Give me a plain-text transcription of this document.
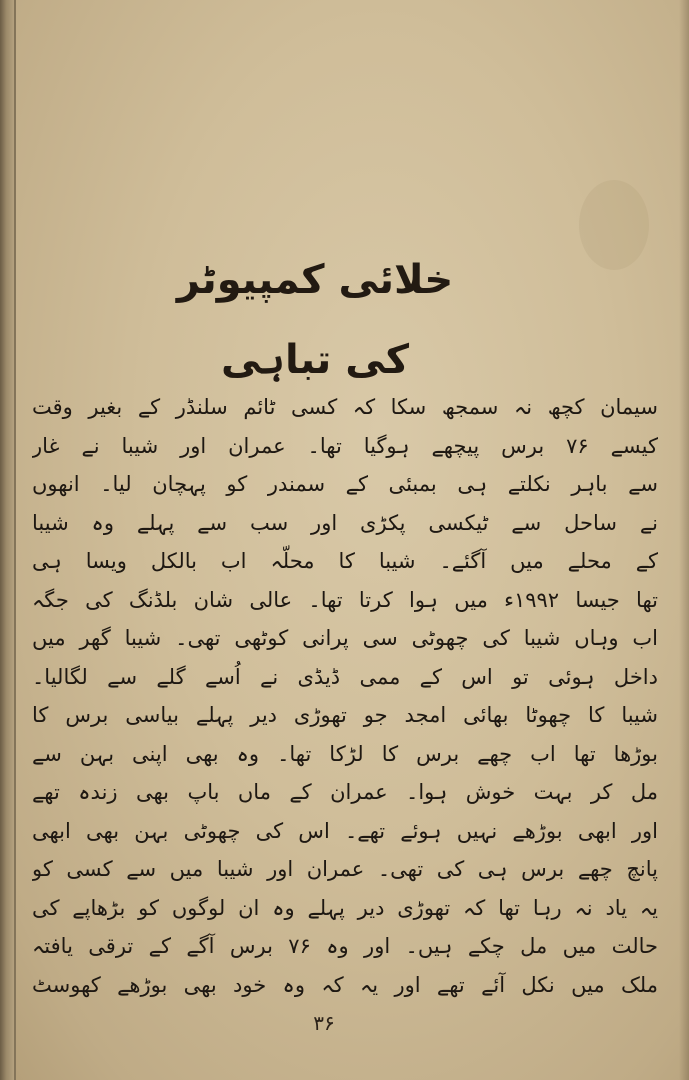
خلائی کمپیوٹر کی تباہی
سیمان کچھ نہ سمجھ سکا کہ کسی ٹائم سلنڈر کے بغیر وقت
کیسے ۷۶ برس پیچھے ہوگیا تھا۔ عمران اور شیبا نے غار
سے باہر نکلتے ہی بمبئی کے سمندر کو پہچان لیا۔ انھوں
نے ساحل سے ٹیکسی پکڑی اور سب سے پہلے وہ شیبا
کے محلے میں آگئے۔ شیبا کا محلّہ اب بالکل ویسا ہی
تھا جیسا ۱۹۹۲ء میں ہوا کرتا تھا۔ عالی شان بلڈنگ کی جگہ
اب وہاں شیبا کی چھوٹی سی پرانی کوٹھی تھی۔ شیبا گھر میں
داخل ہوئی تو اس کے ممی ڈیڈی نے اُسے گلے سے لگالیا۔
شیبا کا چھوٹا بھائی امجد جو تھوڑی دیر پہلے بیاسی برس کا
بوڑھا تھا اب چھے برس کا لڑکا تھا۔ وہ بھی اپنی بہن سے
مل کر بہت خوش ہوا۔ عمران کے ماں باپ بھی زندہ تھے
اور ابھی بوڑھے نہیں ہوئے تھے۔ اس کی چھوٹی بہن بھی ابھی
پانچ چھے برس ہی کی تھی۔ عمران اور شیبا میں سے کسی کو
یہ یاد نہ رہا تھا کہ تھوڑی دیر پہلے وہ ان لوگوں کو بڑھاپے کی
حالت میں مل چکے ہیں۔ اور وہ ۷۶ برس آگے کے ترقی یافتہ
ملک میں نکل آئے تھے اور یہ کہ وہ خود بھی بوڑھے کھوسٹ
۳۶
